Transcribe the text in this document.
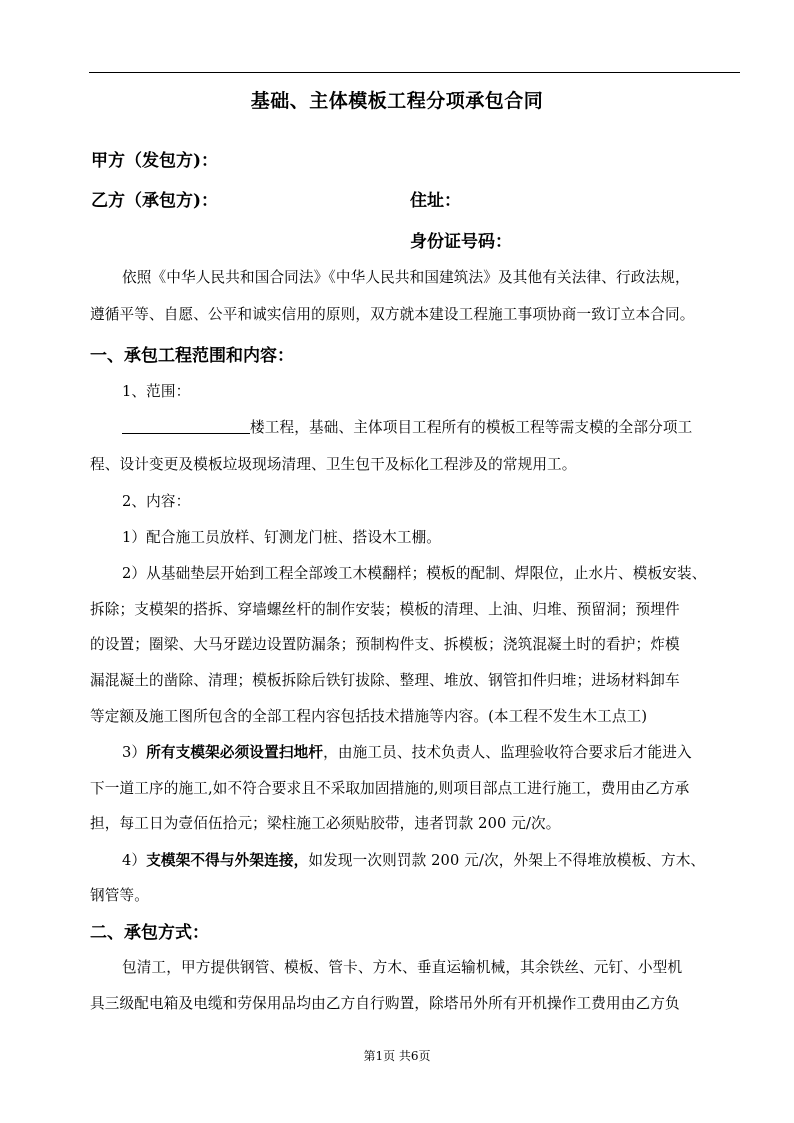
基础、主体模板工程分项承包合同
甲方（发包方)：
乙方（承包方)：	住址：
身份证号码：
依照《中华人民共和国合同法》《中华人民共和国建筑法》及其他有关法律、行政法规，
遵循平等、自愿、公平和诚实信用的原则，双方就本建设工程施工事项协商一致订立本合同。
一、承包工程范围和内容：
1、范围：
楼工程，基础、主体项目工程所有的模板工程等需支模的全部分项工
程、设计变更及模板垃圾现场清理、卫生包干及标化工程涉及的常规用工。
2、内容：
1）配合施工员放样、钉测龙门桩、搭设木工棚。
2）从基础垫层开始到工程全部竣工木模翻样；模板的配制、焊限位，止水片、模板安装、
拆除；支模架的搭拆、穿墙螺丝杆的制作安装；模板的清理、上油、归堆、预留洞；预埋件
的设置；圈梁、大马牙蹉边设置防漏条；预制构件支、拆模板；浇筑混凝土时的看护；炸模
漏混凝土的凿除、清理；模板拆除后铁钉拔除、整理、堆放、钢管扣件归堆；进场材料卸车
等定额及施工图所包含的全部工程内容包括技术措施等内容。(本工程不发生木工点工)
3）所有支模架必须设置扫地杆，由施工员、技术负责人、监理验收符合要求后才能进入
下一道工序的施工,如不符合要求且不采取加固措施的,则项目部点工进行施工，费用由乙方承
担，每工日为壹佰伍拾元；梁柱施工必须贴胶带，违者罚款 200 元/次。
4）支模架不得与外架连接，如发现一次则罚款 200 元/次，外架上不得堆放模板、方木、
钢管等。
二、承包方式：
包清工，甲方提供钢管、模板、管卡、方木、垂直运输机械，其余铁丝、元钉、小型机
具三级配电箱及电缆和劳保用品均由乙方自行购置，除塔吊外所有开机操作工费用由乙方负
第1页 共6页
